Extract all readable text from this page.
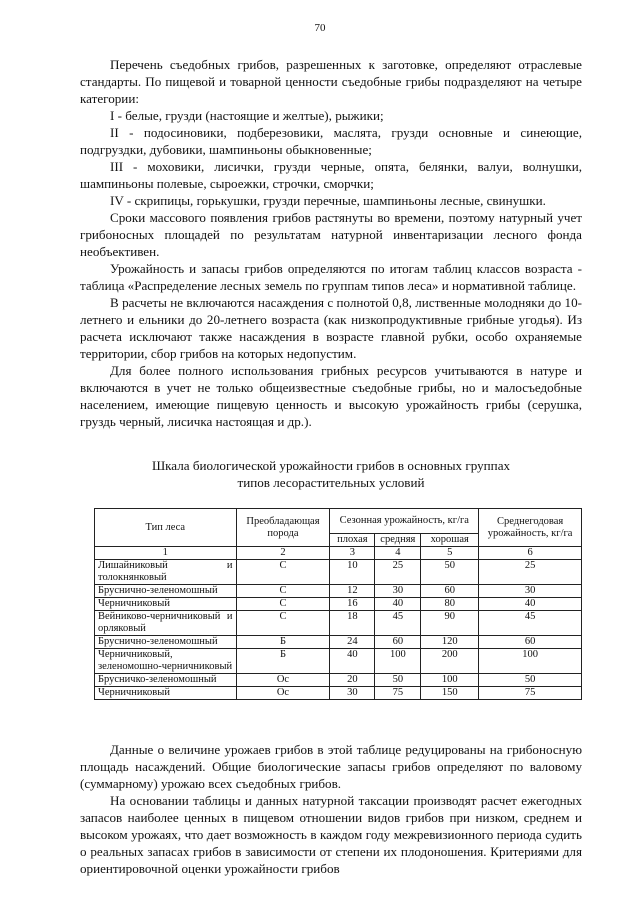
70

Перечень съедобных грибов, разрешенных к заготовке, определяют отраслевые стандарты. По пищевой и товарной ценности съедобные грибы подразделяют на четыре категории:

I - белые, грузди (настоящие и желтые), рыжики;

II - подосиновики, подберезовики, маслята, грузди основные и синеющие, подгруздки, дубовики, шампиньоны обыкновенные;

III - моховики, лисички, грузди черные, опята, белянки, валуи, волнушки, шампиньоны полевые, сыроежки, строчки, сморчки;

IV - скрипицы, горькушки, грузди перечные, шампиньоны лесные, свинушки.

Сроки массового появления грибов растянуты во времени, поэтому натурный учет грибоносных площадей по результатам натурной инвентаризации лесного фонда необъективен.

Урожайность и запасы грибов определяются по итогам таблиц классов возраста - таблица «Распределение лесных земель по группам типов леса» и нормативной таблице.

В расчеты не включаются насаждения с полнотой 0,8, лиственные молодняки до 10-летнего и ельники до 20-летнего возраста (как низкопродуктивные грибные угодья). Из расчета исключают также насаждения в возрасте главной рубки, особо охраняемые территории, сбор грибов на которых недопустим.

Для более полного использования грибных ресурсов учитываются в натуре и включаются в учет не только общеизвестные съедобные грибы, но и малосъедобные населением, имеющие пищевую ценность и высокую урожайность грибы (серушка, груздь черный, лисичка настоящая и др.).

Шкала биологической урожайности грибов в основных группах
типов лесорастительных условий
Тип леса	Преобладающая порода	Сезонная урожайность, кг/га			Среднегодовая урожайность, кг/га
		плохая	средняя	хорошая	
1	2	3	4	5	6
Лишайниковый и толокнянковый	С	10	25	50	25
Бруснично-зеленомошный	С	12	30	60	30
Черничниковый	С	16	40	80	40
Вейниково-черничниковый и орляковый	С	18	45	90	45
Бруснично-зеленомошный	Б	24	60	120	60
Черничниковый, зеленомошно-черничниковый	Б	40	100	200	100
Брусничко-зеленомошный	Ос	20	50	100	50
Черничниковый	Ос	30	75	150	75

Данные о величине урожаев грибов в этой таблице редуцированы на грибоносную площадь насаждений. Общие биологические запасы грибов определяют по валовому (суммарному) урожаю всех съедобных грибов.

На основании таблицы и данных натурной таксации производят расчет ежегодных запасов наиболее ценных в пищевом отношении видов грибов при низком, среднем и высоком урожаях, что дает возможность в каждом году межревизионного периода судить о реальных запасах грибов в зависимости от степени их плодоношения. Критериями для ориентировочной оценки урожайности грибов
